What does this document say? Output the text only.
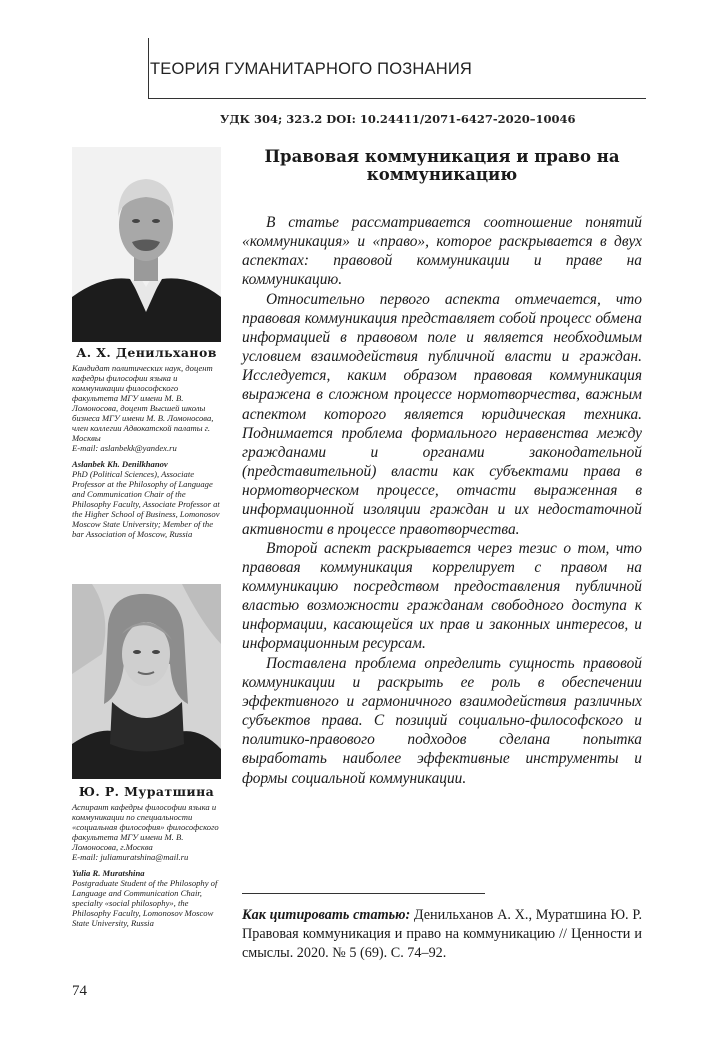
ТЕОРИЯ ГУМАНИТАРНОГО ПОЗНАНИЯ
УДК 304; 323.2 DOI: 10.24411/2071-6427-2020–10046
А. Х. Денильханов

Кандидат политических наук, доцент кафедры философии языка и коммуникации философского факультета МГУ имени М. В. Ломоносова, доцент Высшей школы бизнеса МГУ имени М. В. Ломоносова, член коллегии Адвокатской палаты г. Москвы

E-mail: aslanbekk@yandex.ru

Aslanbek Kh. Denilkhanov

PhD (Political Sciences), Associate Professor at the Philosophy of Language and Communication Chair of the Philosophy Faculty, Associate Professor at the Higher School of Business, Lomonosov Moscow State University; Member of the bar Association of Moscow, Russia

Ю. Р. Муратшина

Аспирант кафедры философии языка и коммуникации по специальности «социальная философия» философского факультета МГУ имени М. В. Ломоносова, г.Москва

E-mail: juliamuratshina@mail.ru

Yulia R. Muratshina

Postgraduate Student of the Philosophy of Language and Communication Chair, specialty «social philosophy», the Philosophy Faculty, Lomonosov Moscow State University, Russia

Правовая коммуникация и право на коммуникацию

В статье рассматривается соотношение понятий «коммуникация» и «право», которое раскрывается в двух аспектах: правовой коммуникации и праве на коммуникацию.

Относительно первого аспекта отмечается, что правовая коммуникация представляет собой процесс обмена информацией в правовом поле и является необходимым условием взаимодействия публичной власти и граждан. Исследуется, каким образом правовая коммуникация выражена в сложном процессе нормотворчества, важным аспектом которого является юридическая техника. Поднимается проблема формального неравенства между гражданами и органами законодательной (представительной) власти как субъектами права в нормотворческом процессе, отчасти выраженная в информационной изоляции граждан и их недостаточной активности в процессе правотворчества.

Второй аспект раскрывается через тезис о том, что правовая коммуникация коррелирует с правом на коммуникацию посредством предоставления публичной властью возможности гражданам свободного доступа к информации, касающейся их прав и законных интересов, и информационным ресурсам.

Поставлена проблема определить сущность правовой коммуникации и раскрыть ее роль в обеспечении эффективного и гармоничного взаимодействия различных субъектов права. С позиций социально-философского и политико-правового подходов сделана попытка выработать наиболее эффективные инструменты и формы социальной коммуникации.

Как цитировать статью: Денильханов А. Х., Муратшина Ю. Р. Правовая коммуникация и право на коммуникацию // Ценности и смыслы. 2020. № 5 (69). С. 74–92.
74
